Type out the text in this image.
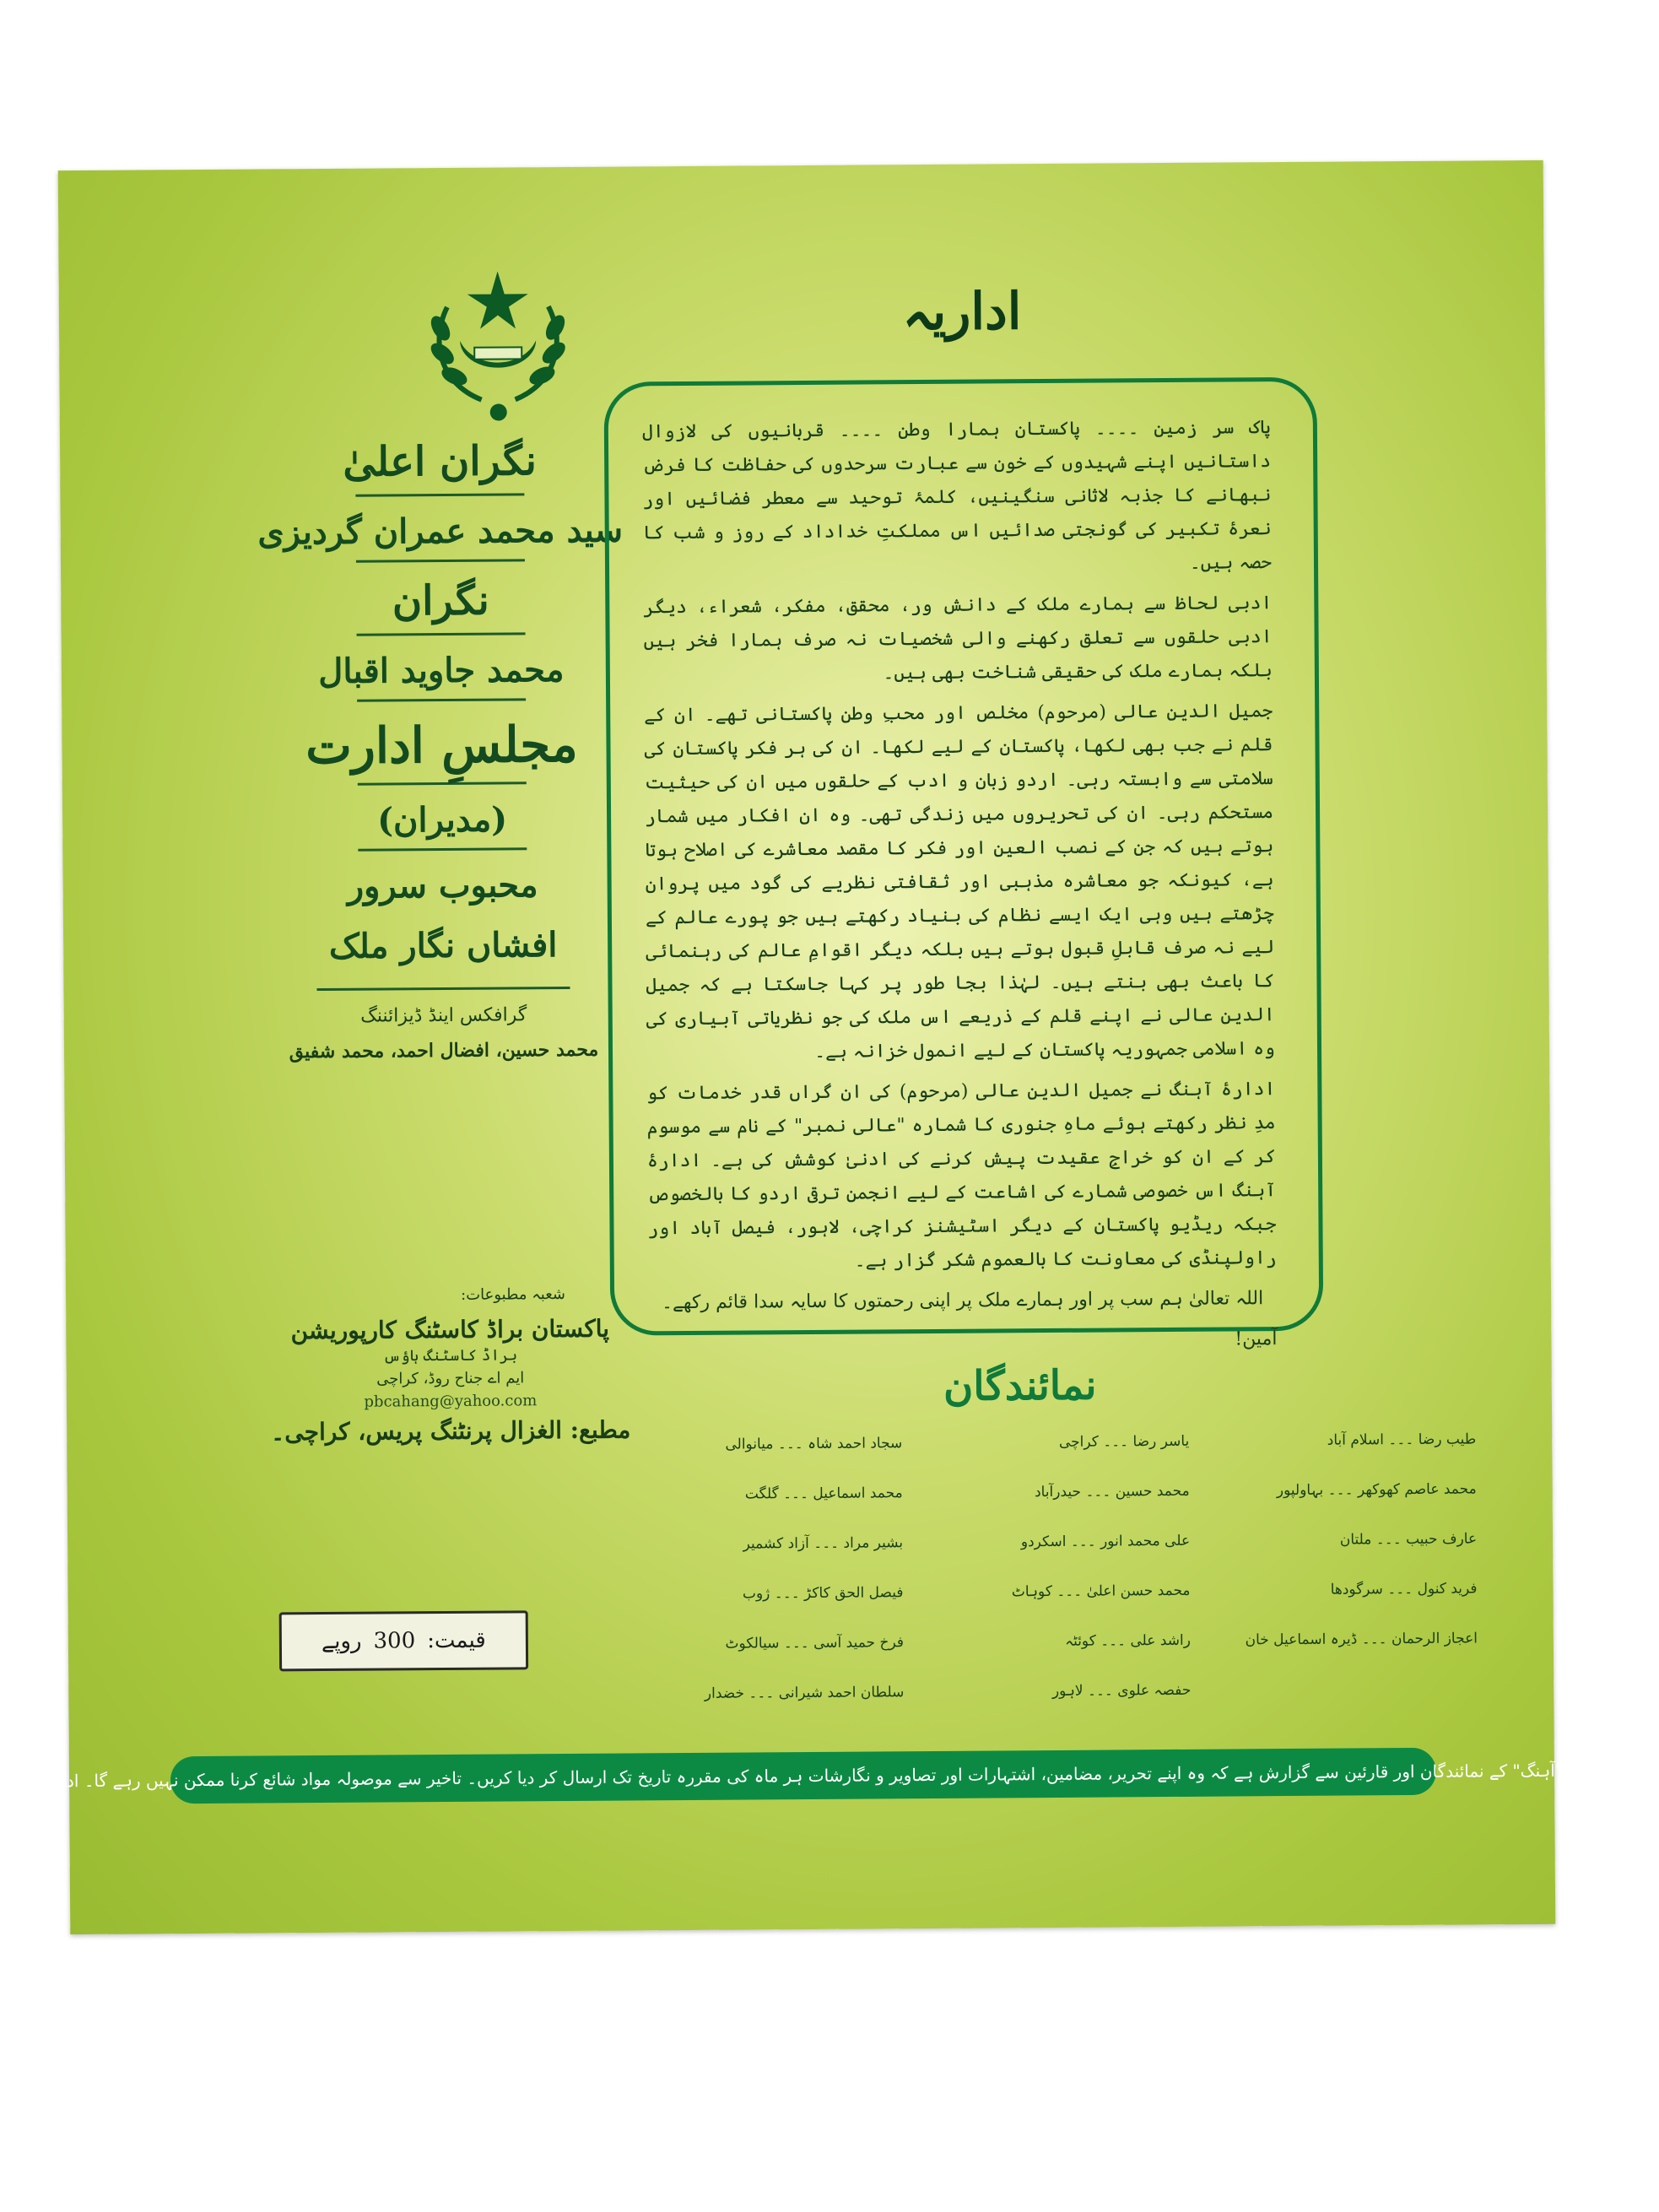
نگران اعلیٰ

سید محمد عمران گردیزی

نگران

محمد جاوید اقبال

مجلسِ ادارت

(مدیران)

محبوب سرور

افشاں نگار ملک

گرافکس اینڈ ڈیزائننگ

محمد حسین، افضال احمد، محمد شفیق

اداریہ

پاک سر زمین ۔۔۔۔ پاکستان ہمارا وطن ۔۔۔۔ قربانیوں کی لازوال داستانیں اپنے شہیدوں کے خون سے عبارت سرحدوں کی حفاظت کا فرض نبھانے کا جذبہ لاثانی سنگینیں، کلمۂ توحید سے معطر فضائیں اور نعرۂ تکبیر کی گونجتی صدائیں اس مملکتِ خداداد کے روز و شب کا حصہ ہیں۔

ادبی لحاظ سے ہمارے ملک کے دانش ور، محقق، مفکر، شعراء، دیگر ادبی حلقوں سے تعلق رکھنے والی شخصیات نہ صرف ہمارا فخر ہیں بلکہ ہمارے ملک کی حقیقی شناخت بھی ہیں۔

جمیل الدین عالی (مرحوم) مخلص اور محبِ وطن پاکستانی تھے۔ ان کے قلم نے جب بھی لکھا، پاکستان کے لیے لکھا۔ ان کی ہر فکر پاکستان کی سلامتی سے وابستہ رہی۔ اردو زبان و ادب کے حلقوں میں ان کی حیثیت مستحکم رہی۔ ان کی تحریروں میں زندگی تھی۔ وہ ان افکار میں شمار ہوتے ہیں کہ جن کے نصب العین اور فکر کا مقصد معاشرے کی اصلاح ہوتا ہے، کیونکہ جو معاشرہ مذہبی اور ثقافتی نظریے کی گود میں پروان چڑھتے ہیں وہی ایک ایسے نظام کی بنیاد رکھتے ہیں جو پورے عالم کے لیے نہ صرف قابلِ قبول ہوتے ہیں بلکہ دیگر اقوامِ عالم کی رہنمائی کا باعث بھی بنتے ہیں۔ لہٰذا بجا طور پر کہا جاسکتا ہے کہ جمیل الدین عالی نے اپنے قلم کے ذریعے اس ملک کی جو نظریاتی آبیاری کی وہ اسلامی جمہوریہ پاکستان کے لیے انمول خزانہ ہے۔

ادارۂ آہنگ نے جمیل الدین عالی (مرحوم) کی ان گراں قدر خدمات کو مدِ نظر رکھتے ہوئے ماہِ جنوری کا شمارہ "عالی نمبر" کے نام سے موسوم کر کے ان کو خراجِ عقیدت پیش کرنے کی ادنیٰ کوشش کی ہے۔ ادارۂ آہنگ اس خصوصی شمارے کی اشاعت کے لیے انجمن ترقی اردو کا بالخصوص جبکہ ریڈیو پاکستان کے دیگر اسٹیشنز کراچی، لاہور، فیصل آباد اور راولپنڈی کی معاونت کا بالعموم شکر گزار ہے۔

اللہ تعالیٰ ہم سب پر اور ہمارے ملک پر اپنی رحمتوں کا سایہ سدا قائم رکھے۔

آمین!

نمائندگان
طیب رضا ۔۔۔ اسلام آباد
محمد عاصم کھوکھر ۔۔۔ بہاولپور
عارف حبیب ۔۔۔ ملتان
فرید کنول ۔۔۔ سرگودھا
اعجاز الرحمان ۔۔۔ ڈیرہ اسماعیل خان
یاسر رضا ۔۔۔ کراچی
محمد حسین ۔۔۔ حیدرآباد
علی محمد انور ۔۔۔ اسکردو
محمد حسن اعلیٰ ۔۔۔ کوہاٹ
راشد علی ۔۔۔ کوئٹہ
حفصہ علوی ۔۔۔ لاہور
سجاد احمد شاہ ۔۔۔ میانوالی
محمد اسماعیل ۔۔۔ گلگت
بشیر مراد ۔۔۔ آزاد کشمیر
فیصل الحق کاکڑ ۔۔۔ ژوب
فرخ حمید آسی ۔۔۔ سیالکوٹ
سلطان احمد شیرانی ۔۔۔ خضدار
شعبہ مطبوعات:

پاکستان براڈ کاسٹنگ کارپوریشن

براڈ کاسٹنگ ہاؤس

ایم اے جناح روڈ، کراچی

pbcahang@yahoo.com

مطبع: الغزال پرنٹنگ پریس، کراچی۔

قیمت:
300
روپے
"آہنگ" کے نمائندگان اور قارئین سے گزارش ہے کہ وہ اپنے تحریر، مضامین، اشتہارات اور تصاویر و نگارشات ہر ماہ کی مقررہ تاریخ تک ارسال کر دیا کریں۔ تاخیر سے موصولہ مواد شائع کرنا ممکن نہیں رہے گا۔ ادارہ
